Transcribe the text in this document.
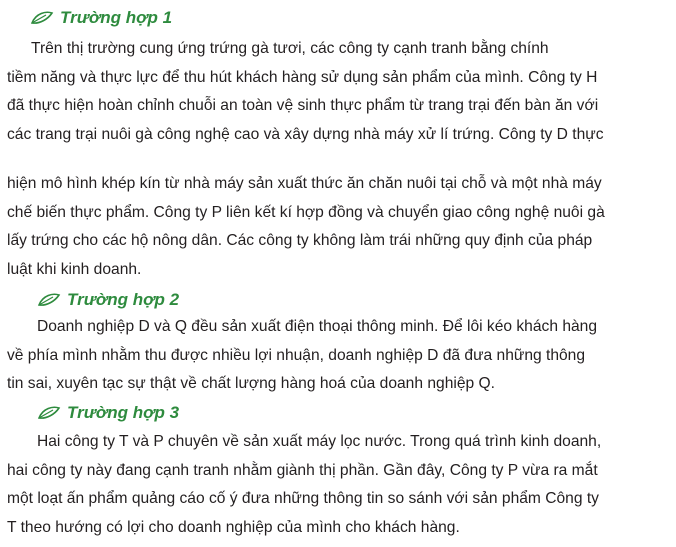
Trường hợp 1
Trên thị trường cung ứng trứng gà tươi, các công ty cạnh tranh bằng chính
tiềm năng và thực lực để thu hút khách hàng sử dụng sản phẩm của mình. Công ty H
đã thực hiện hoàn chỉnh chuỗi an toàn vệ sinh thực phẩm từ trang trại đến bàn ăn với
các trang trại nuôi gà công nghệ cao và xây dựng nhà máy xử lí trứng. Công ty D thực
hiện mô hình khép kín từ nhà máy sản xuất thức ăn chăn nuôi tại chỗ và một nhà máy
chế biến thực phẩm. Công ty P liên kết kí hợp đồng và chuyển giao công nghệ nuôi gà
lấy trứng cho các hộ nông dân. Các công ty không làm trái những quy định của pháp
luật khi kinh doanh.
Trường hợp 2
Doanh nghiệp D và Q đều sản xuất điện thoại thông minh. Để lôi kéo khách hàng
về phía mình nhằm thu được nhiều lợi nhuận, doanh nghiệp D đã đưa những thông
tin sai, xuyên tạc sự thật về chất lượng hàng hoá của doanh nghiệp Q.
Trường hợp 3
Hai công ty T và P chuyên về sản xuất máy lọc nước. Trong quá trình kinh doanh,
hai công ty này đang cạnh tranh nhằm giành thị phần. Gần đây, Công ty P vừa ra mắt
một loạt ấn phẩm quảng cáo cố ý đưa những thông tin so sánh với sản phẩm Công ty
T theo hướng có lợi cho doanh nghiệp của mình cho khách hàng.
